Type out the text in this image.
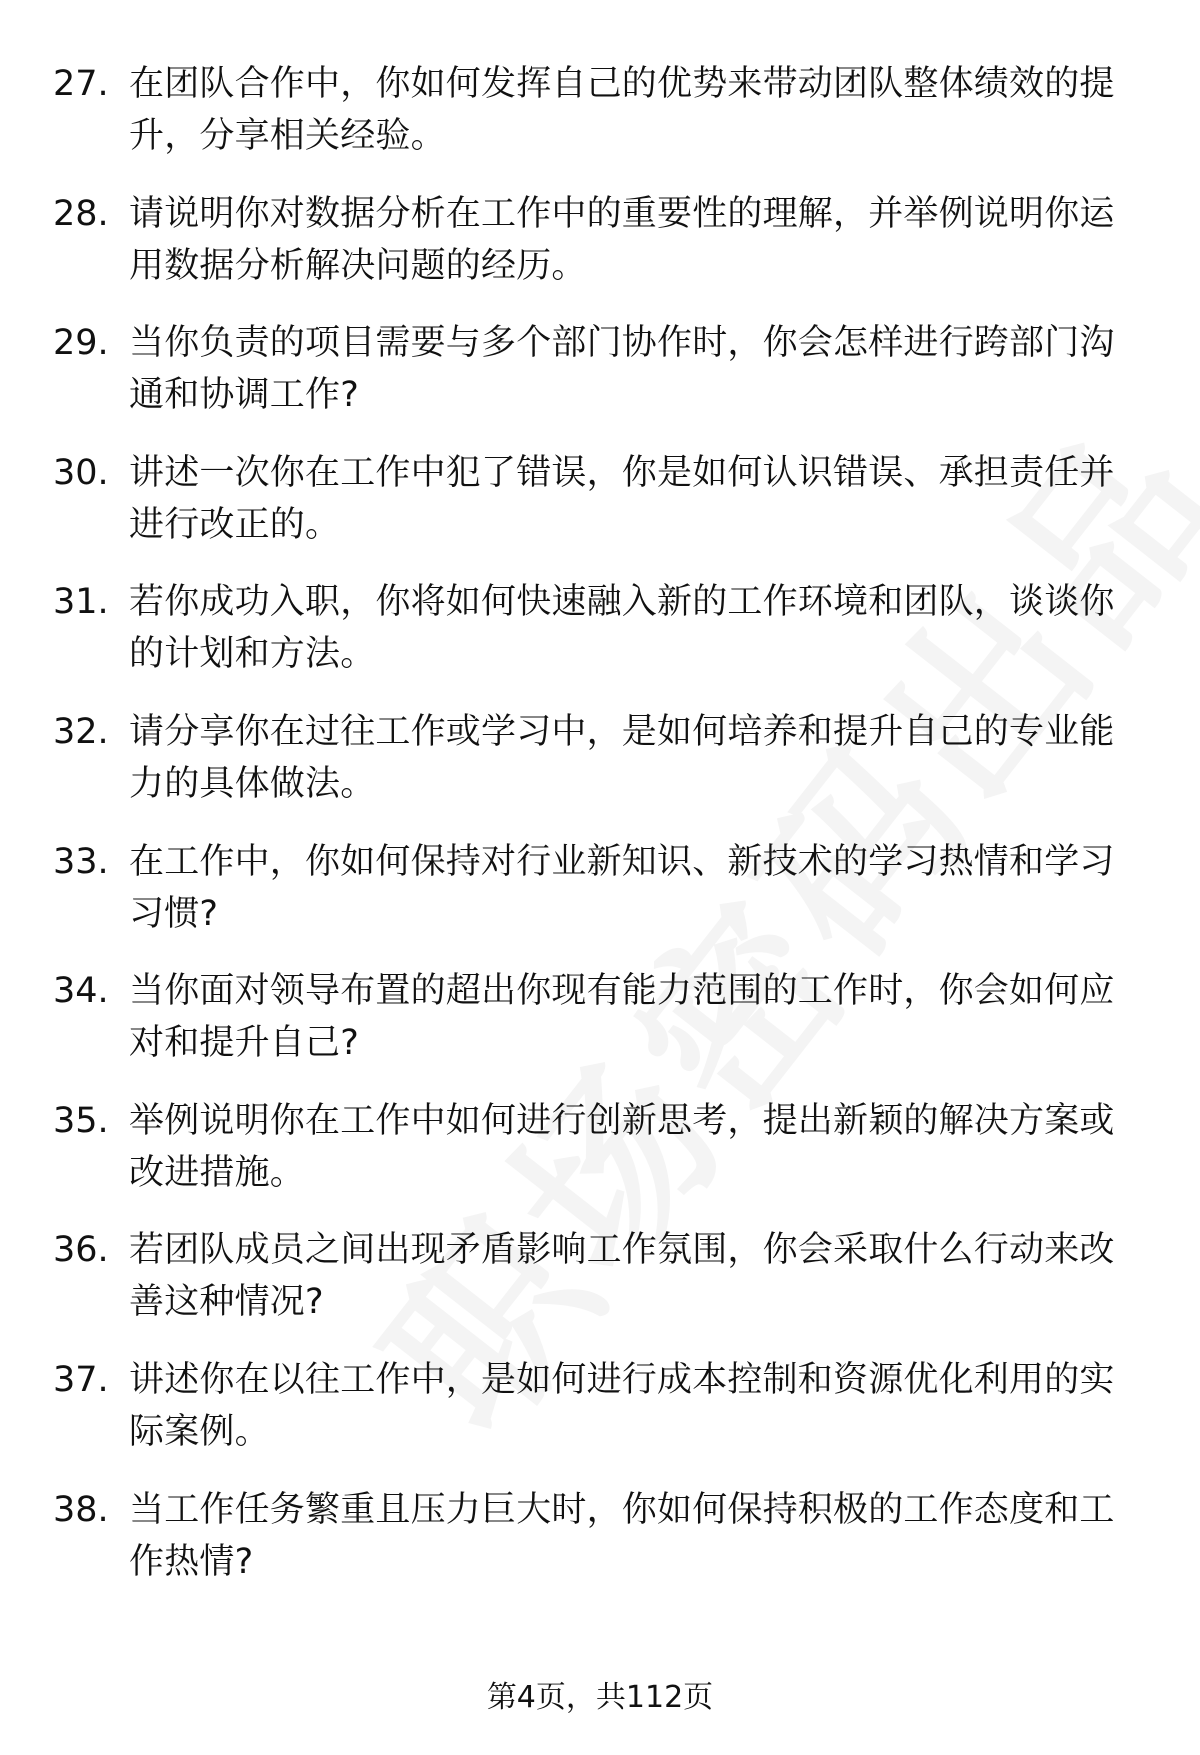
27. 在团队合作中，你如何发挥自己的优势来带动团队整体绩效的提升，分享相关经验。
28. 请说明你对数据分析在工作中的重要性的理解，并举例说明你运用数据分析解决问题的经历。
29. 当你负责的项目需要与多个部门协作时，你会怎样进行跨部门沟通和协调工作?
30. 讲述一次你在工作中犯了错误，你是如何认识错误、承担责任并进行改正的。
31. 若你成功入职，你将如何快速融入新的工作环境和团队，谈谈你的计划和方法。
32. 请分享你在过往工作或学习中，是如何培养和提升自己的专业能力的具体做法。
33. 在工作中，你如何保持对行业新知识、新技术的学习热情和学习习惯?
34. 当你面对领导布置的超出你现有能力范围的工作时，你会如何应对和提升自己?
35. 举例说明你在工作中如何进行创新思考，提出新颖的解决方案或改进措施。
36. 若团队成员之间出现矛盾影响工作氛围，你会采取什么行动来改善这种情况?
37. 讲述你在以往工作中，是如何进行成本控制和资源优化利用的实际案例。
38. 当工作任务繁重且压力巨大时，你如何保持积极的工作态度和工作热情?
第4页，共112页
